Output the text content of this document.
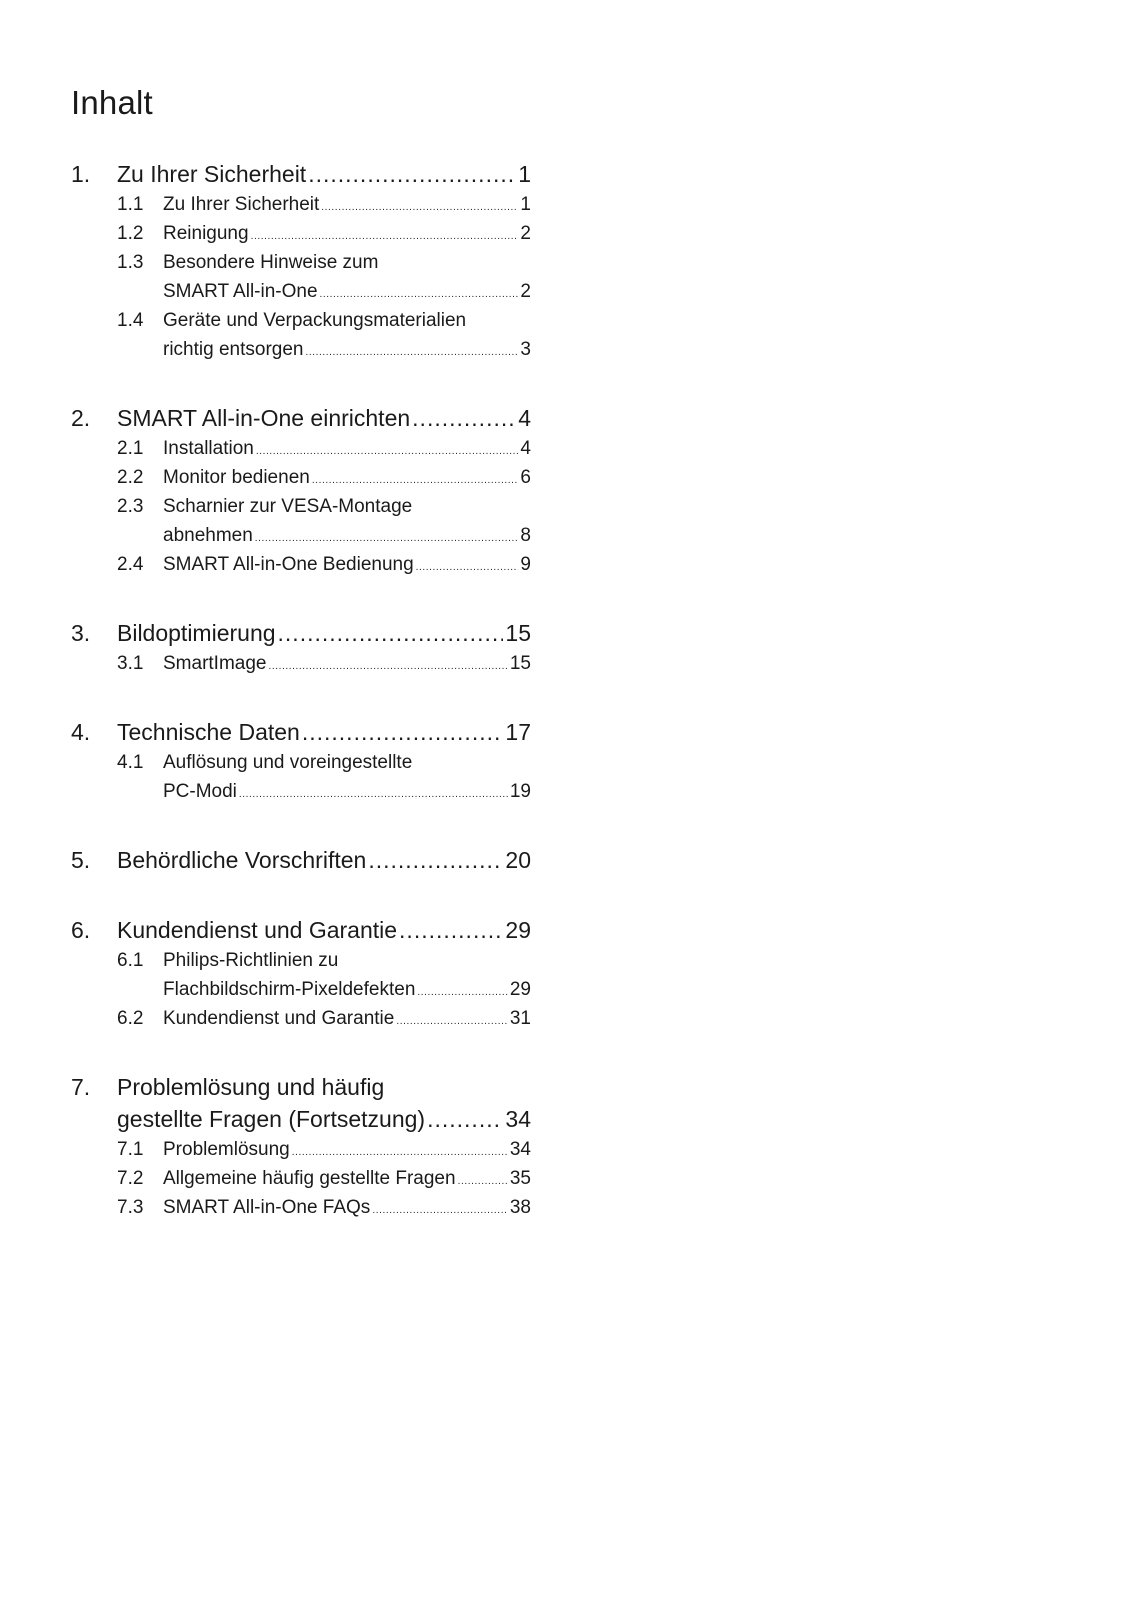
Inhalt
1.	Zu Ihrer Sicherheit .....	1
1.1	Zu Ihrer Sicherheit .....	1
1.2	Reinigung .....	2
1.3	Besondere Hinweise zum
SMART All-in-One .....	2
1.4	Geräte und Verpackungsmaterialien
richtig entsorgen .....	3
2.	SMART All-in-One einrichten .....	4
2.1	Installation .....	4
2.2	Monitor bedienen .....	6
2.3	Scharnier zur VESA-Montage
abnehmen .....	8
2.4	SMART All-in-One Bedienung .....	9
3.	Bildoptimierung .....	15
3.1	SmartImage .....	15
4.	Technische Daten .....	17
4.1	Auflösung und voreingestellte
PC-Modi .....	19
5.	Behördliche Vorschriften .....	20
6.	Kundendienst und Garantie .....	29
6.1	Philips-Richtlinien zu
Flachbildschirm-Pixeldefekten .....	29
6.2	Kundendienst und Garantie .....	31
7.	Problemlösung und häufig
gestellte Fragen (Fortsetzung) .....	34
7.1	Problemlösung .....	34
7.2	Allgemeine häufig gestellte Fragen .....	35
7.3	SMART All-in-One FAQs .....	38
